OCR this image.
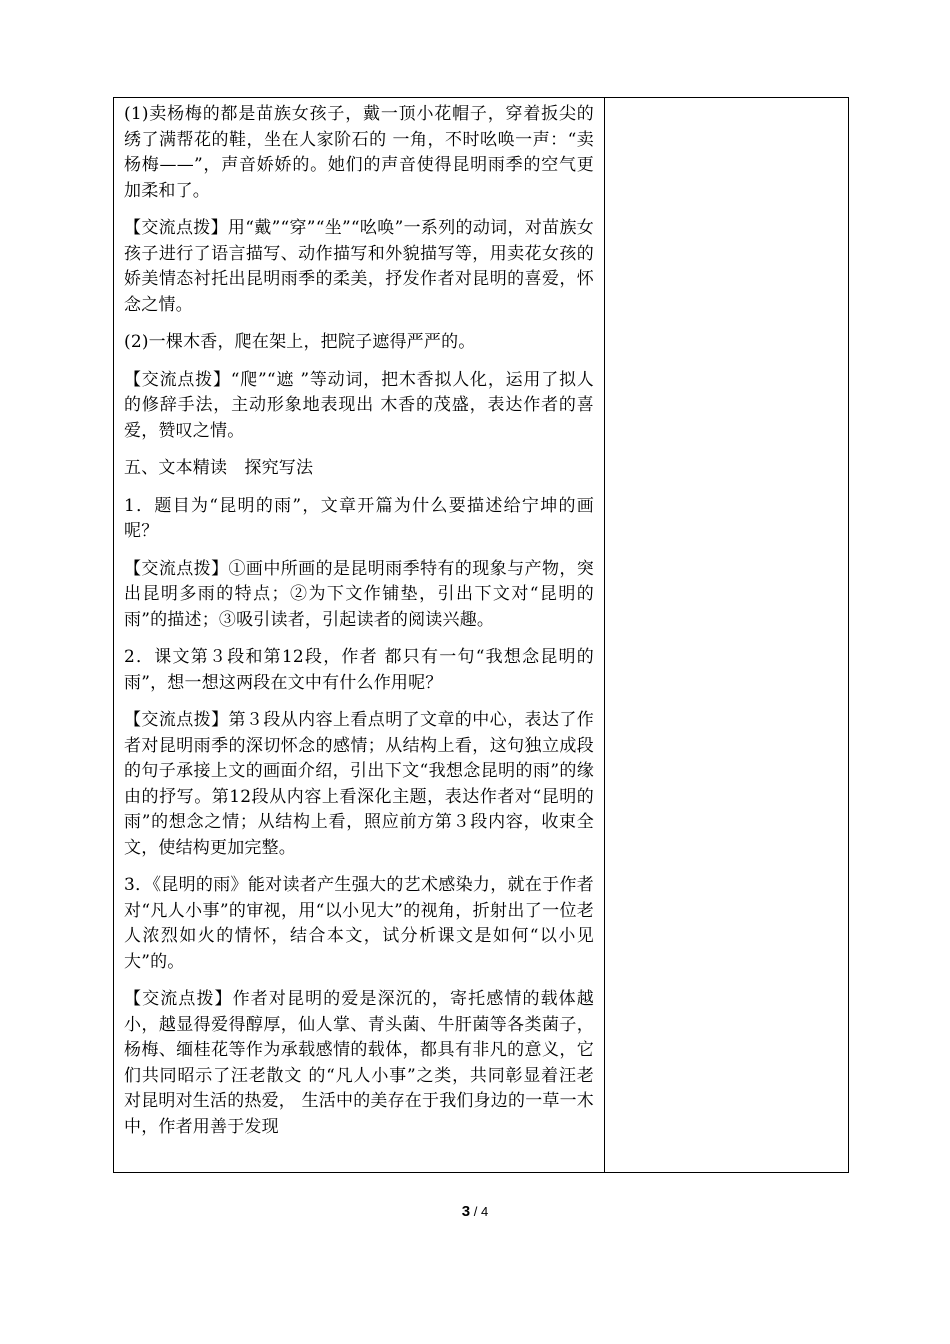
(1)卖杨梅的都是苗族女孩子，戴一顶小花帽子，穿着扳尖的绣了满帮花的鞋，坐在人家阶石的 一角，不时吆唤一声：“卖杨梅——”，声音娇娇的。她们的声音使得昆明雨季的空气更加柔和了。

【交流点拨】用“戴”“穿”“坐”“吆唤”一系列的动词，对苗族女孩子进行了语言描写、动作描写和外貌描写等，用卖花女孩的娇美情态衬托出昆明雨季的柔美，抒发作者对昆明的喜爱，怀念之情。

(2)一棵木香，爬在架上，把院子遮得严严的。

【交流点拨】“爬”“遮 ”等动词，把木香拟人化，运用了拟人的修辞手法，主动形象地表现出 木香的茂盛，表达作者的喜爱，赞叹之情。

五、文本精读　探究写法

1．题目为“昆明的雨”，文章开篇为什么要描述给宁坤的画呢？

【交流点拨】①画中所画的是昆明雨季特有的现象与产物，突出昆明多雨的特点；②为下文作铺垫，引出下文对“昆明的雨”的描述；③吸引读者，引起读者的阅读兴趣。

2．课文第３段和第12段，作者 都只有一句“我想念昆明的雨”，想一想这两段在文中有什么作用呢？

【交流点拨】第３段从内容上看点明了文章的中心，表达了作者对昆明雨季的深切怀念的感情；从结构上看，这句独立成段的句子承接上文的画面介绍，引出下文“我想念昆明的雨”的缘由的抒写。第12段从内容上看深化主题，表达作者对“昆明的雨”的想念之情；从结构上看，照应前方第３段内容，收束全文，使结构更加完整。

3．《昆明的雨》能对读者产生强大的艺术感染力，就在于作者对“凡人小事”的审视，用“以小见大”的视角，折射出了一位老人浓烈如火的情怀，结合本文，试分析课文是如何“以小见大”的。

【交流点拨】作者对昆明的爱是深沉的，寄托感情的载体越小，越显得爱得醇厚，仙人掌、青头菌、牛肝菌等各类菌子，杨梅、缅桂花等作为承载感情的载体，都具有非凡的意义，它们共同昭示了汪老散文 的“凡人小事”之类，共同彰显着汪老对昆明对生活的热爱， 生活中的美存在于我们身边的一草一木中，作者用善于发现

3 / 4
